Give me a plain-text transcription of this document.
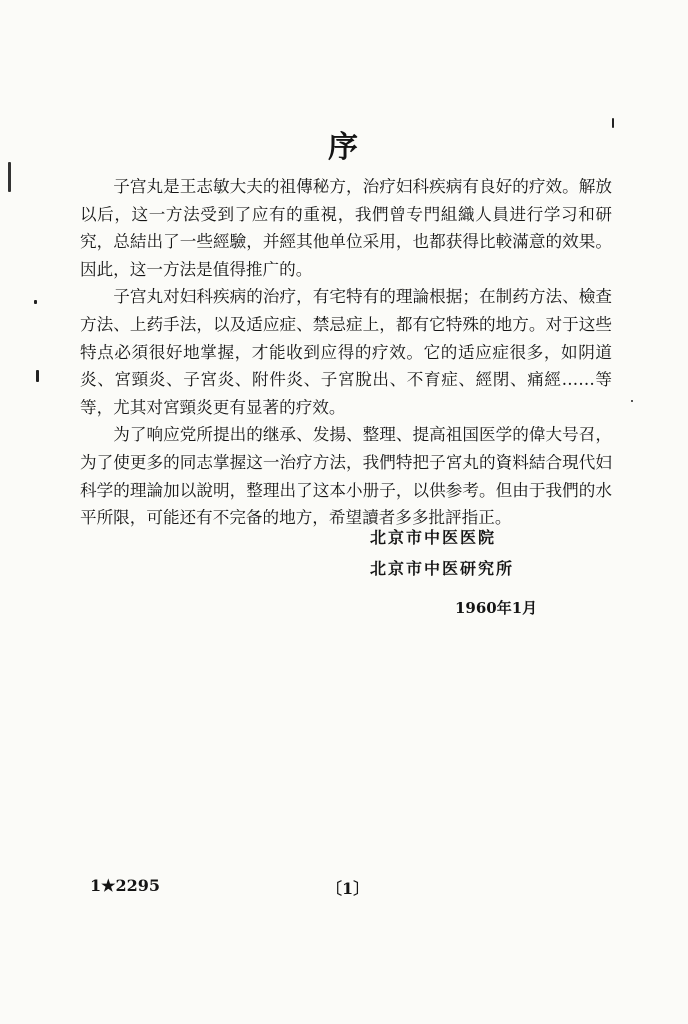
序

子宫丸是王志敏大夫的祖傳秘方，治疗妇科疾病有良好的疗效。解放以后，这一方法受到了应有的重視，我們曾专門組織人員进行学习和研究，总結出了一些經驗，并經其他单位采用，也都获得比較滿意的效果。因此，这一方法是值得推广的。

子宫丸对妇科疾病的治疗，有宅特有的理論根据；在制药方法、檢查方法、上药手法，以及适应症、禁忌症上，都有它特殊的地方。对于这些特点必須很好地掌握，才能收到应得的疗效。它的适应症很多，如阴道炎、宮頸炎、子宮炎、附件炎、子宮脫出、不育症、經閉、痛經……等等，尤其对宮頸炎更有显著的疗效。

为了响应党所提出的继承、发揚、整理、提高祖国医学的偉大号召，为了使更多的同志掌握这一治疗方法，我們特把子宮丸的資料結合現代妇科学的理論加以說明，整理出了这本小册子，以供参考。但由于我們的水平所限，可能还有不完备的地方，希望讀者多多批評指正。

北京市中医医院

北京市中医研究所

1960年1月

1★2295	〔1〕
